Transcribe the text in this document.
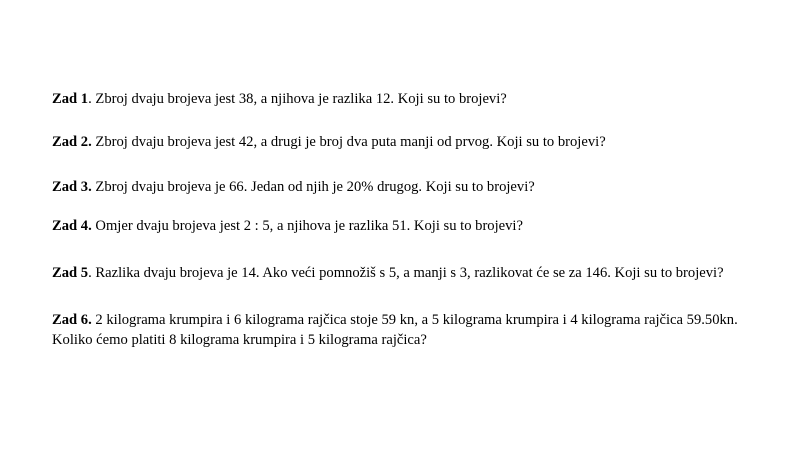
Zad 1. Zbroj dvaju brojeva jest 38, a njihova je razlika 12. Koji su to brojevi?
Zad 2. Zbroj dvaju brojeva jest 42, a drugi je broj dva puta manji od prvog. Koji su to brojevi?
Zad 3. Zbroj dvaju brojeva je 66. Jedan od njih je 20% drugog. Koji su to brojevi?
Zad 4. Omjer dvaju brojeva jest 2 : 5, a njihova je razlika 51. Koji su to brojevi?
Zad 5. Razlika dvaju brojeva je 14. Ako veći pomnožiš s 5, a manji s 3, razlikovat će se za 146. Koji su to brojevi?
Zad 6. 2 kilograma krumpira i 6 kilograma rajčica stoje 59 kn, a 5 kilograma krumpira i 4 kilograma rajčica 59.50kn.
Koliko ćemo platiti 8 kilograma krumpira i 5 kilograma rajčica?
